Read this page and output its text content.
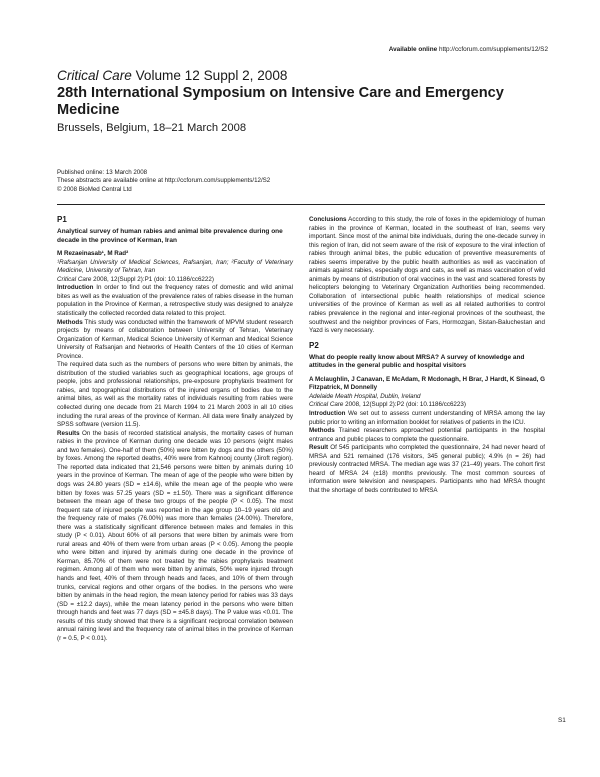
Available online http://ccforum.com/supplements/12/S2
Critical Care Volume 12 Suppl 2, 2008
28th International Symposium on Intensive Care and Emergency Medicine
Brussels, Belgium, 18–21 March 2008
Published online: 13 March 2008
These abstracts are available online at http://ccforum.com/supplements/12/S2
© 2008 BioMed Central Ltd
P1
Analytical survey of human rabies and animal bite prevalence during one decade in the province of Kerman, Iran

M Rezaeinasab¹, M Rad²

¹Rafsanjan University of Medical Sciences, Rafsanjan, Iran; ²Faculty of Veterinary Medicine, University of Tehran, Iran

Critical Care 2008, 12(Suppl 2):P1 (doi: 10.1186/cc6222)

Introduction In order to find out the frequency rates of domestic and wild animal bites as well as the evaluation of the prevalence rates of rabies disease in the human population in the Province of Kerman, a retrospective study was designed to analyze statistically the collected recorded data related to this project.

Methods This study was conducted within the framework of MPVM student research projects by means of collaboration between University of Tehran, Veterinary Organization of Kerman, Medical Science University of Kerman and Medical Science University of Rafsanjan and Networks of Health Centers of the 10 cities of Kerman Province.

The required data such as the numbers of persons who were bitten by animals, the distribution of the studied variables such as geographical locations, age groups of people, jobs and professional relationships, pre-exposure prophylaxis treatment for rabies, and topographical distributions of the injured organs of bodies due to the animal bites, as well as the mortality rates of individuals resulting from rabies were collected during one decade from 21 March 1994 to 21 March 2003 in all 10 cities including the rural areas of the province of Kerman. All data were finally analyzed by SPSS software (version 11.5).

Results On the basis of recorded statistical analysis, the mortality cases of human rabies in the province of Kerman during one decade was 10 persons (eight males and two females). One-half of them (50%) were bitten by dogs and the others (50%) by foxes. Among the reported deaths, 40% were from Kahnooj county (Jiroft region). The reported data indicated that 21,546 persons were bitten by animals during 10 years in the province of Kerman. The mean of age of the people who were bitten by dogs was 24.80 years (SD = ±14.6), while the mean age of the people who were bitten by foxes was 57.25 years (SD = ±1.50). There was a significant difference between the mean age of these two groups of the people (P < 0.05). The most frequent rate of injured people was reported in the age group 10–19 years old and the frequency rate of males (76.00%) was more than females (24.00%). Therefore, there was a statistically significant difference between males and females in this study (P < 0.01). About 60% of all persons that were bitten by animals were from rural areas and 40% of them were from urban areas (P < 0.05). Among the people who were bitten and injured by animals during one decade in the province of Kerman, 85.70% of them were not treated by the rabies prophylaxis treatment regimen. Among all of them who were bitten by animals, 50% were injured through hands and feet, 40% of them through heads and faces, and 10% of them through trunks, cervical regions and other organs of the bodies. In the persons who were bitten by animals in the head region, the mean latency period for rabies was 33 days (SD = ±12.2 days), while the mean latency period in the persons who were bitten through hands and feet was 77 days (SD = ±45.8 days). The P value was <0.01. The results of this study showed that there is a significant reciprocal correlation between annual raining level and the frequency rate of animal bites in the province of Kerman (r = 0.5, P < 0.01).

Conclusions According to this study, the role of foxes in the epidemiology of human rabies in the province of Kerman, located in the southeast of Iran, seems very important. Since most of the animal bite individuals, during the one-decade survey in this region of Iran, did not seem aware of the risk of exposure to the viral infection of rabies through animal bites, the public education of preventive measurements of rabies seems imperative by the public health authorities as well as vaccination of animals against rabies, especially dogs and cats, as well as mass vaccination of wild animals by means of distribution of oral vaccines in the vast and scattered forests by helicopters belonging to Veterinary Organization Authorities being recommended. Collaboration of intersectional public health relationships of medical science universities of the province of Kerman as well as all related authorities to control rabies prevalence in the regional and inter-regional provinces of the southeast, the southwest and the neighbor provinces of Fars, Hormozgan, Sistan-Baluchestan and Yazd is very necessary.

P2
What do people really know about MRSA? A survey of knowledge and attitudes in the general public and hospital visitors

A Mclaughlin, J Canavan, E McAdam, R Mcdonagh, H Brar, J Hardt, K Sinead, G Fitzpatrick, M Donnelly

Adelaide Meath Hospital, Dublin, Ireland

Critical Care 2008, 12(Suppl 2):P2 (doi: 10.1186/cc6223)

Introduction We set out to assess current understanding of MRSA among the lay public prior to writing an information booklet for relatives of patients in the ICU.

Methods Trained researchers approached potential participants in the hospital entrance and public places to complete the questionnaire.

Result Of 545 participants who completed the questionnaire, 24 had never heard of MRSA and 521 remained (176 visitors, 345 general public); 4.9% (n = 26) had previously contracted MRSA. The median age was 37 (21–49) years. The cohort first heard of MRSA 24 (±18) months previously. The most common sources of information were television and newspapers. Participants who had MRSA thought that the shortage of beds contributed to MRSA

S1
